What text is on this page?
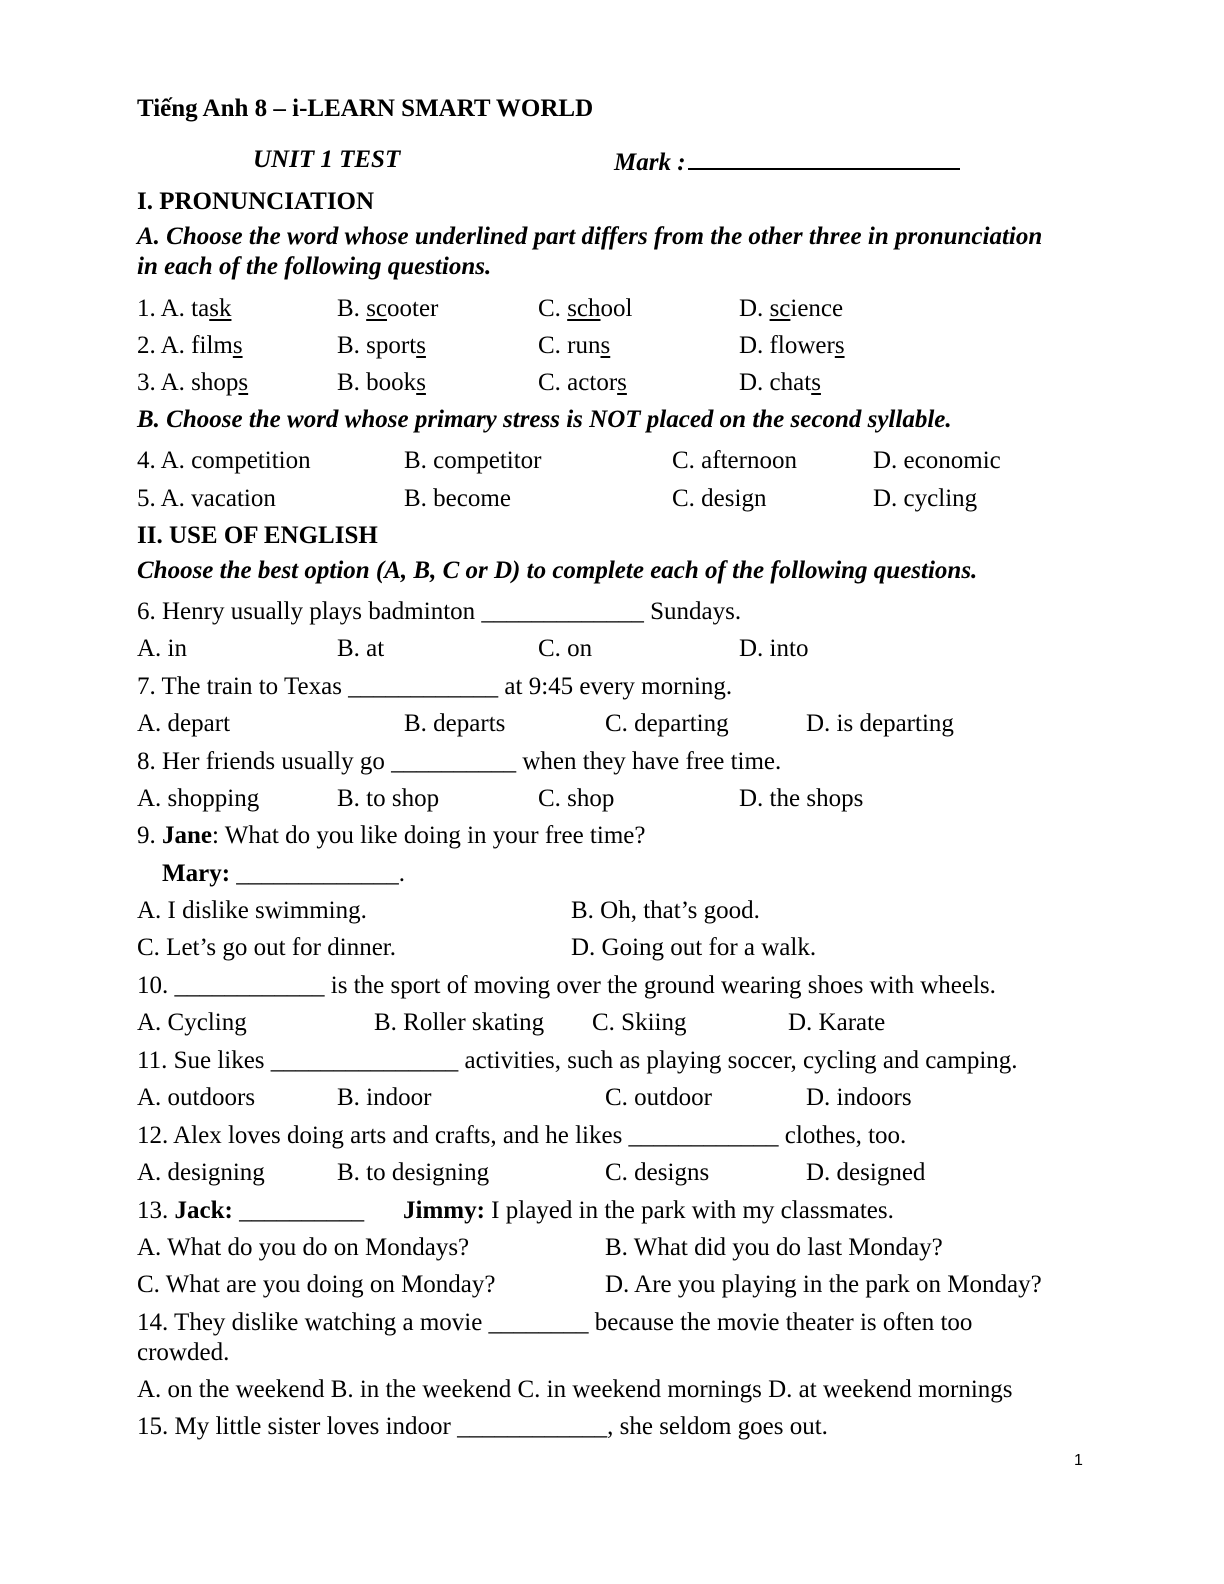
Tiếng Anh 8 – i-LEARN SMART WORLD
UNIT 1 TEST	Mark :
I. PRONUNCIATION
A. Choose the word whose underlined part differs from the other three in pronunciation
in each of the following questions.
1. A. task	B. scooter	C. school	D. science
2. A. films	B. sports	C. runs	D. flowers
3. A. shops	B. books	C. actors	D. chats
B. Choose the word whose primary stress is NOT placed on the second syllable.
4. A. competition	B. competitor	C. afternoon	D. economic
5. A. vacation	B. become	C. design	D. cycling
II. USE OF ENGLISH
Choose the best option (A, B, C or D) to complete each of the following questions.
6. Henry usually plays badminton _____________ Sundays.
A. in	B. at	C. on	D. into
7. The train to Texas ____________ at 9:45 every morning.
A. depart	B. departs	C. departing	D. is departing
8. Her friends usually go __________ when they have free time.
A. shopping	B. to shop	C. shop	D. the shops
9. Jane: What do you like doing in your free time?
Mary: _____________.
A. I dislike swimming.	B. Oh, that’s good.
C. Let’s go out for dinner.	D. Going out for a walk.
10. ____________ is the sport of moving over the ground wearing shoes with wheels.
A. Cycling	B. Roller skating C. Skiing	D. Karate
11. Sue likes _______________ activities, such as playing soccer, cycling and camping.
A. outdoors	B. indoor	C. outdoor	D. indoors
12. Alex loves doing arts and crafts, and he likes ____________ clothes, too.
A. designing	B. to designing	C. designs	D. designed
13. Jack: __________ Jimmy: I played in the park with my classmates.
A. What do you do on Mondays?	B. What did you do last Monday?
C. What are you doing on Monday?	D. Are you playing in the park on Monday?
14. They dislike watching a movie ________ because the movie theater is often too
crowded.
A. on the weekend B. in the weekend C. in weekend mornings D. at weekend mornings
15. My little sister loves indoor ____________, she seldom goes out.
1
